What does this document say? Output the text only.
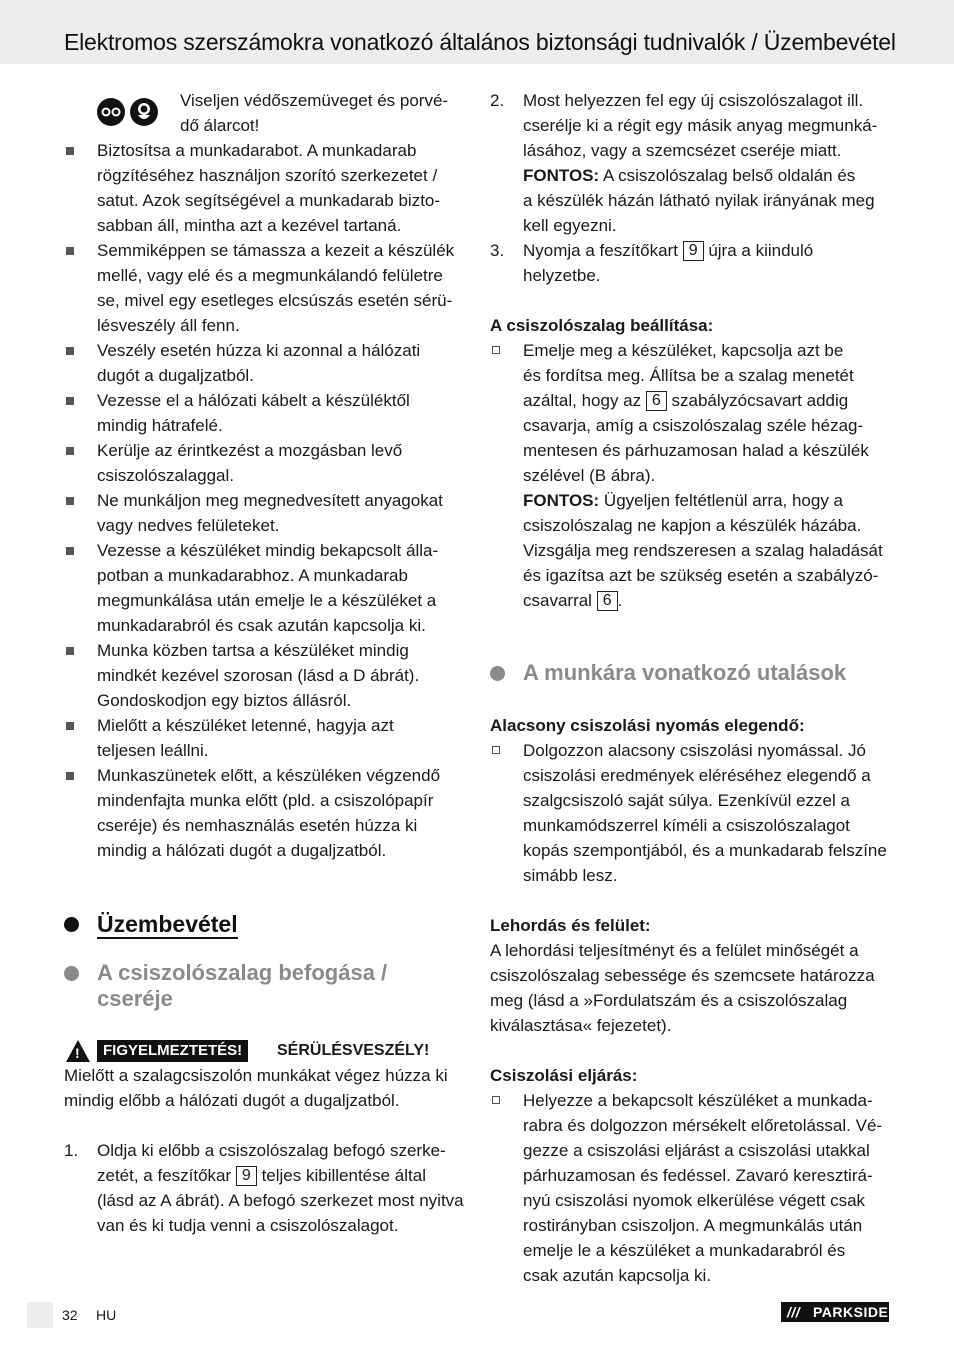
Elektromos szerszámokra vonatkozó általános biztonsági tudnivalók / Üzembevétel
Viseljen védőszemüveget és porvé-
dő álarcot!
Biztosítsa a munkadarabot. A munkadarab
rögzítéséhez használjon szorító szerkezetet /
satut. Azok segítségével a munkadarab bizto-
sabban áll, mintha azt a kezével tartaná.
Semmiképpen se támassza a kezeit a készülék
mellé, vagy elé és a megmunkálandó felületre
se, mivel egy esetleges elcsúszás esetén sérü-
lésveszély áll fenn.
Veszély esetén húzza ki azonnal a hálózati
dugót a dugaljzatból.
Vezesse el a hálózati kábelt a készüléktől
mindig hátrafelé.
Kerülje az érintkezést a mozgásban levő
csiszolószalaggal.
Ne munkáljon meg megnedvesített anyagokat
vagy nedves felületeket.
Vezesse a készüléket mindig bekapcsolt álla-
potban a munkadarabhoz. A munkadarab
megmunkálása után emelje le a készüléket a
munkadarabról és csak azután kapcsolja ki.
Munka közben tartsa a készüléket mindig
mindkét kezével szorosan (lásd a D ábrát).
Gondoskodjon egy biztos állásról.
Mielőtt a készüléket letenné, hagyja azt
teljesen leállni.
Munkaszünetek előtt, a készüléken végzendő
mindenfajta munka előtt (pld. a csiszolópapír
cseréje) és nemhasználás esetén húzza ki
mindig a hálózati dugót a dugaljzatból.
Üzembevétel
A csiszolószalag befogása /
cseréje
!	FIGYELMEZTETÉS!	SÉRÜLÉSVESZÉLY!
Mielőtt a szalagcsiszolón munkákat végez húzza ki
mindig előbb a hálózati dugót a dugaljzatból.
1. Oldja ki előbb a csiszolószalag befogó szerke-
zetét, a feszítőkar 9 teljes kibillentése által
(lásd az A ábrát). A befogó szerkezet most nyitva
van és ki tudja venni a csiszolószalagot.
2. Most helyezzen fel egy új csiszolószalagot ill.
cserélje ki a régit egy másik anyag megmunká-
lásához, vagy a szemcsézet cseréje miatt.
FONTOS: A csiszolószalag belső oldalán és
a készülék házán látható nyilak irányának meg
kell egyezni.
3. Nyomja a feszítőkart 9 újra a kiinduló
helyzetbe.
A csiszolószalag beállítása:
Emelje meg a készüléket, kapcsolja azt be
és fordítsa meg. Állítsa be a szalag menetét
azáltal, hogy az 6 szabályzócsavart addig
csavarja, amíg a csiszolószalag széle hézag-
mentesen és párhuzamosan halad a készülék
szélével (B ábra).
FONTOS: Ügyeljen feltétlenül arra, hogy a
csiszolószalag ne kapjon a készülék házába.
Vizsgálja meg rendszeresen a szalag haladását
és igazítsa azt be szükség esetén a szabályzó-
csavarral 6 .
A munkára vonatkozó utalások
Alacsony csiszolási nyomás elegendő:
Dolgozzon alacsony csiszolási nyomással. Jó
csiszolási eredmények eléréséhez elegendő a
szalgcsiszoló saját súlya. Ezenkívül ezzel a
munkamódszerrel kíméli a csiszolószalagot
kopás szempontjából, és a munkadarab felszíne
simább lesz.
Lehordás és felület:
A lehordási teljesítményt és a felület minőségét a
csiszolószalag sebessége és szemcsete határozza
meg (lásd a »Fordulatszám és a csiszolószalag
kiválasztása« fejezetet).
Csiszolási eljárás:
Helyezze a bekapcsolt készüléket a munkada-
rabra és dolgozzon mérsékelt előretolással. Vé-
gezze a csiszolási eljárást a csiszolási utakkal
párhuzamosan és fedéssel. Zavaró keresztirá-
nyú csiszolási nyomok elkerülése végett csak
rostirányban csiszoljon. A megmunkálás után
emelje le a készüléket a munkadarabról és
csak azután kapcsolja ki.
32 HU	/// PARKSIDE
